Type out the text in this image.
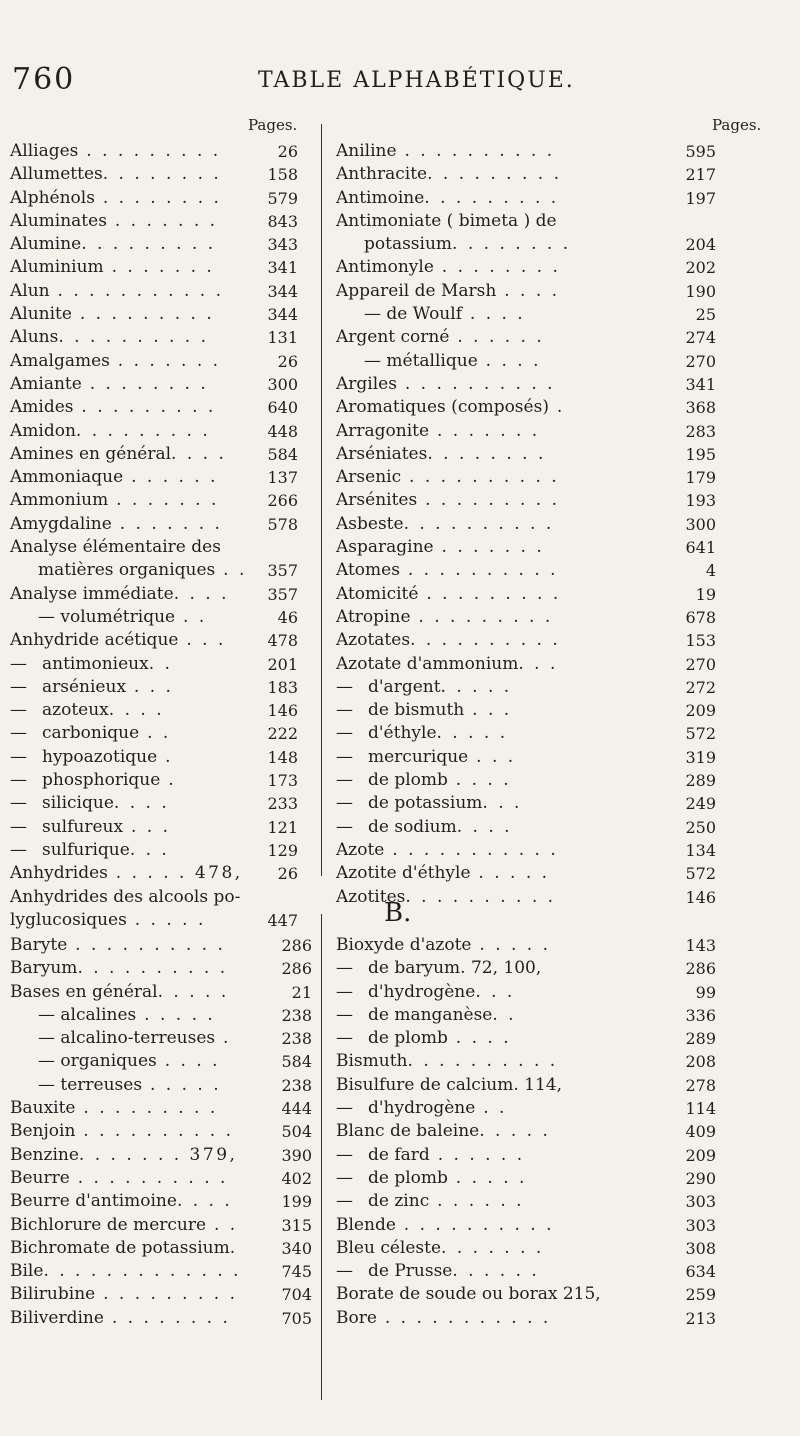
760	TABLE ALPHABÉTIQUE.
Pages.	Pages.
Alliages . . . . . . . . .	26
Allumettes. . . . . . . .	158
Alphénols . . . . . . . .	579
Aluminates . . . . . . .	843
Alumine. . . . . . . . .	343
Aluminium . . . . . . .	341
Alun . . . . . . . . . . .	344
Alunite . . . . . . . . .	344
Aluns. . . . . . . . . .	131
Amalgames . . . . . . .	26
Amiante . . . . . . . .	300
Amides . . . . . . . . .	640
Amidon. . . . . . . . .	448
Amines en général. . . .	584
Ammoniaque . . . . . .	137
Ammonium . . . . . . .	266
Amygdaline . . . . . . .	578
Analyse élémentaire des
matières organiques . . 357
Analyse immédiate. . . . 357
— volumétrique . .	46
Anhydride acétique . . .	478
— antimonieux. .	201
— arsénieux . . .	183
— azoteux. . . .	146
— carbonique . .	222
— hypoazotique .	148
— phosphorique .	173
— silicique. . . .	233
— sulfureux . . .	121
— sulfurique. . .	129
Anhydrides . . . . . 478, 26
Anhydrides des alcools po-
lyglucosiques . . . . .	447
Aniline . . . . . . . . . .	595
Anthracite. . . . . . . . .	217
Antimoine. . . . . . . . .	197
Antimoniate ( bimeta ) de
potassium. . . . . . . .	204
Antimonyle . . . . . . . .	202
Appareil de Marsh . . . .	190
— de Woulf . . . .	25
Argent corné . . . . . .	274
— métallique . . . .	270
Argiles . . . . . . . . . .	341
Aromatiques (composés) .	368
Arragonite . . . . . . .	283
Arséniates. . . . . . . .	195
Arsenic . . . . . . . . . .	179
Arsénites . . . . . . . . .	193
Asbeste. . . . . . . . . .	300
Asparagine . . . . . . .	641
Atomes . . . . . . . . . .	4
Atomicité . . . . . . . . .	19
Atropine . . . . . . . . .	678
Azotates. . . . . . . . . .	153
Azotate d'ammonium. . .	270
— d'argent. . . . .	272
— de bismuth . . .	209
— d'éthyle. . . . .	572
— mercurique . . .	319
— de plomb . . . .	289
— de potassium. . .	249
— de sodium. . . .	250
Azote . . . . . . . . . . .	134
Azotite d'éthyle . . . . .	572
Azotites. . . . . . . . . .	146
B.
Baryte . . . . . . . . . .	286
Baryum. . . . . . . . . .	286
Bases en général. . . . .	21
— alcalines . . . . .	238
— alcalino-terreuses .	238
— organiques . . . .	584
— terreuses . . . . .	238
Bauxite . . . . . . . . .	444
Benjoin . . . . . . . . . .	504
Benzine. . . . . . . 379,	390
Beurre . . . . . . . . . .	402
Beurre d'antimoine. . . .	199
Bichlorure de mercure . .	315
Bichromate de potassium.	340
Bile. . . . . . . . . . . . .	745
Bilirubine . . . . . . . . .	704
Biliverdine . . . . . . . .	705
Bioxyde d'azote . . . . .	143
— de baryum. 72, 100,	286
— d'hydrogène. . .	99
— de manganèse. .	336
— de plomb . . . .	289
Bismuth. . . . . . . . . .	208
Bisulfure de calcium. 114,	278
— d'hydrogène . .	114
Blanc de baleine. . . . .	409
— de fard . . . . . .	209
— de plomb . . . . .	290
— de zinc . . . . . .	303
Blende . . . . . . . . . .	303
Bleu céleste. . . . . . .	308
— de Prusse. . . . . .	634
Borate de soude ou borax 215,	259
Bore . . . . . . . . . . .	213
